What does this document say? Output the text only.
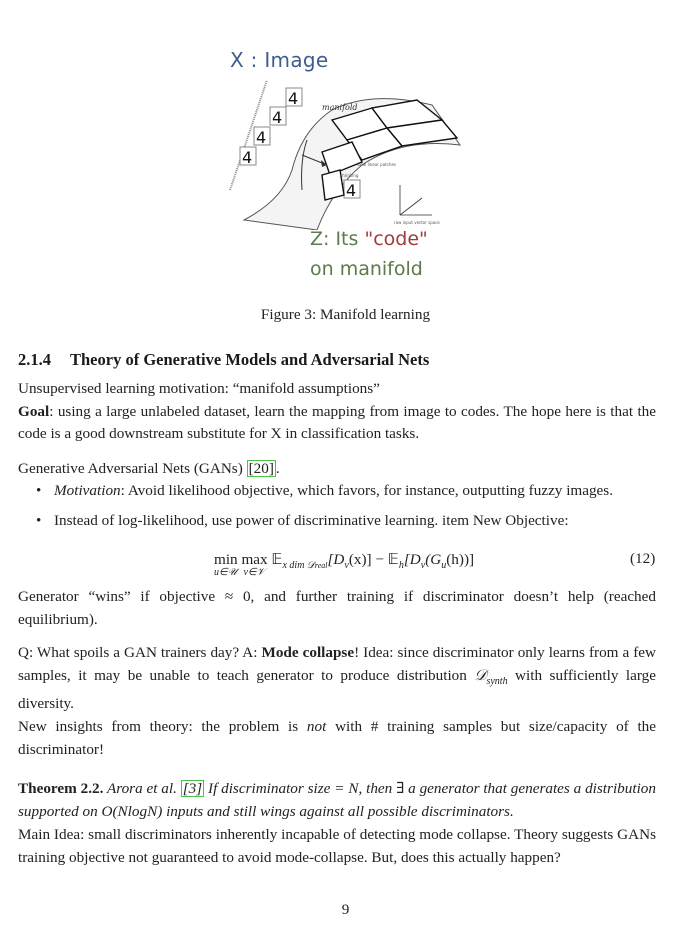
X : Image
4
4
4
4
4
manifold
local linear patches
shrinking
raw input vector space
Z: Its "code"
on manifold
Figure 3: Manifold learning
2.1.4 Theory of Generative Models and Adversarial Nets
Unsupervised learning motivation: “manifold assumptions”
Goal: using a large unlabeled dataset, learn the mapping from image to codes. The hope here is that the code is a good downstream substitute for X in classification tasks.
Generative Adversarial Nets (GANs) [20] .
• Motivation: Avoid likelihood objective, which favors, for instance, outputting fuzzy images.
• Instead of log-likelihood, use power of discriminative learning. item New Objective:
min
u∈𝒰
max
v∈𝒱
$𝔼_{x dim 𝒟real}[D_v(x)]$ − $𝔼_h[D_v(G_u(h))]$	(12)
Generator “wins” if objective ≈ 0, and further training if discriminator doesn’t help (reached equilibrium).
Q: What spoils a GAN trainers day? A: Mode collapse! Idea: since discriminator only learns from a few samples, it may be unable to teach generator to produce distribution 𝒟$_{synth}$ with sufficiently large diversity.
New insights from theory: the problem is not with # training samples but size/capacity of the discriminator!
Theorem 2.2. Arora et al. [3] If discriminator size = N, then ∃ a generator that generates a distribution supported on O(NlogN) inputs and still wings against all possible discriminators.
Main Idea: small discriminators inherently incapable of detecting mode collapse. Theory suggests GANs training objective not guaranteed to avoid mode-collapse. But, does this actually happen?
9
